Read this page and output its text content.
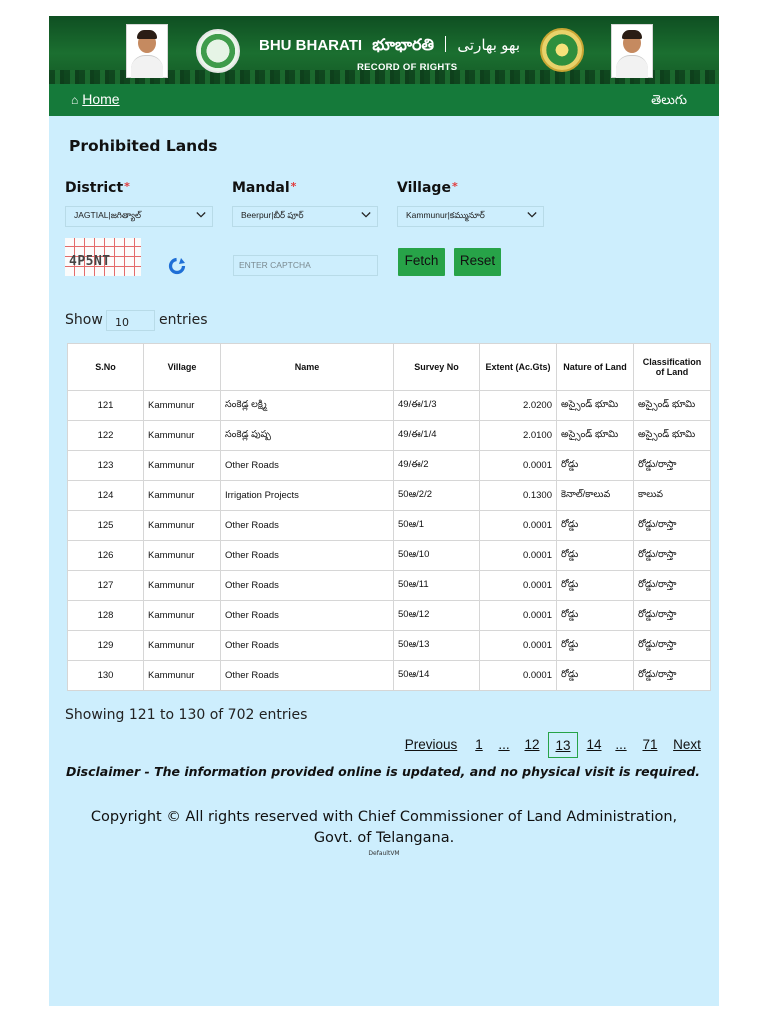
BHU BHARATI భూభారతి بھو بھارتی
RECORD OF RIGHTS
⌂ Home	తెలుగు
Prohibited Lands
District*	Mandal*	Village*
JAGTIAL|జగిత్యాల్	Beerpur|బీర్ పూర్	Kammunur|కమ్మునూర్
4P5NT	ENTER CAPTCHA	Fetch	Reset
Show	10	entries
S.No	Village	Name	Survey No	Extent (Ac.Gts)	Nature of Land	Classification of Land
121	Kammunur	సంకెడ్ల లక్ష్మి	49/ఈ/1/3	2.0200	అస్సైండ్ భూమి	అస్సైండ్ భూమి
122	Kammunur	సంకెడ్ల పుష్ప	49/ఈ/1/4	2.0100	అస్సైండ్ భూమి	అస్సైండ్ భూమి
123	Kammunur	Other Roads	49/ఈ/2	0.0001	రోడ్డు	రోడ్డు/రాస్తా
124	Kammunur	Irrigation Projects	50ఆ/2/2	0.1300	కెనాల్/కాలువ	కాలువ
125	Kammunur	Other Roads	50ఆ/1	0.0001	రోడ్డు	రోడ్డు/రాస్తా
126	Kammunur	Other Roads	50ఆ/10	0.0001	రోడ్డు	రోడ్డు/రాస్తా
127	Kammunur	Other Roads	50ఆ/11	0.0001	రోడ్డు	రోడ్డు/రాస్తా
128	Kammunur	Other Roads	50ఆ/12	0.0001	రోడ్డు	రోడ్డు/రాస్తా
129	Kammunur	Other Roads	50ఆ/13	0.0001	రోడ్డు	రోడ్డు/రాస్తా
130	Kammunur	Other Roads	50ఆ/14	0.0001	రోడ్డు	రోడ్డు/రాస్తా
Showing 121 to 130 of 702 entries
Previous	1	...	12	13	14	...	71	Next
Disclaimer - The information provided online is updated, and no physical visit is required.
Copyright © All rights reserved with Chief Commissioner of Land Administration, Govt. of Telangana.
DefaultVM
